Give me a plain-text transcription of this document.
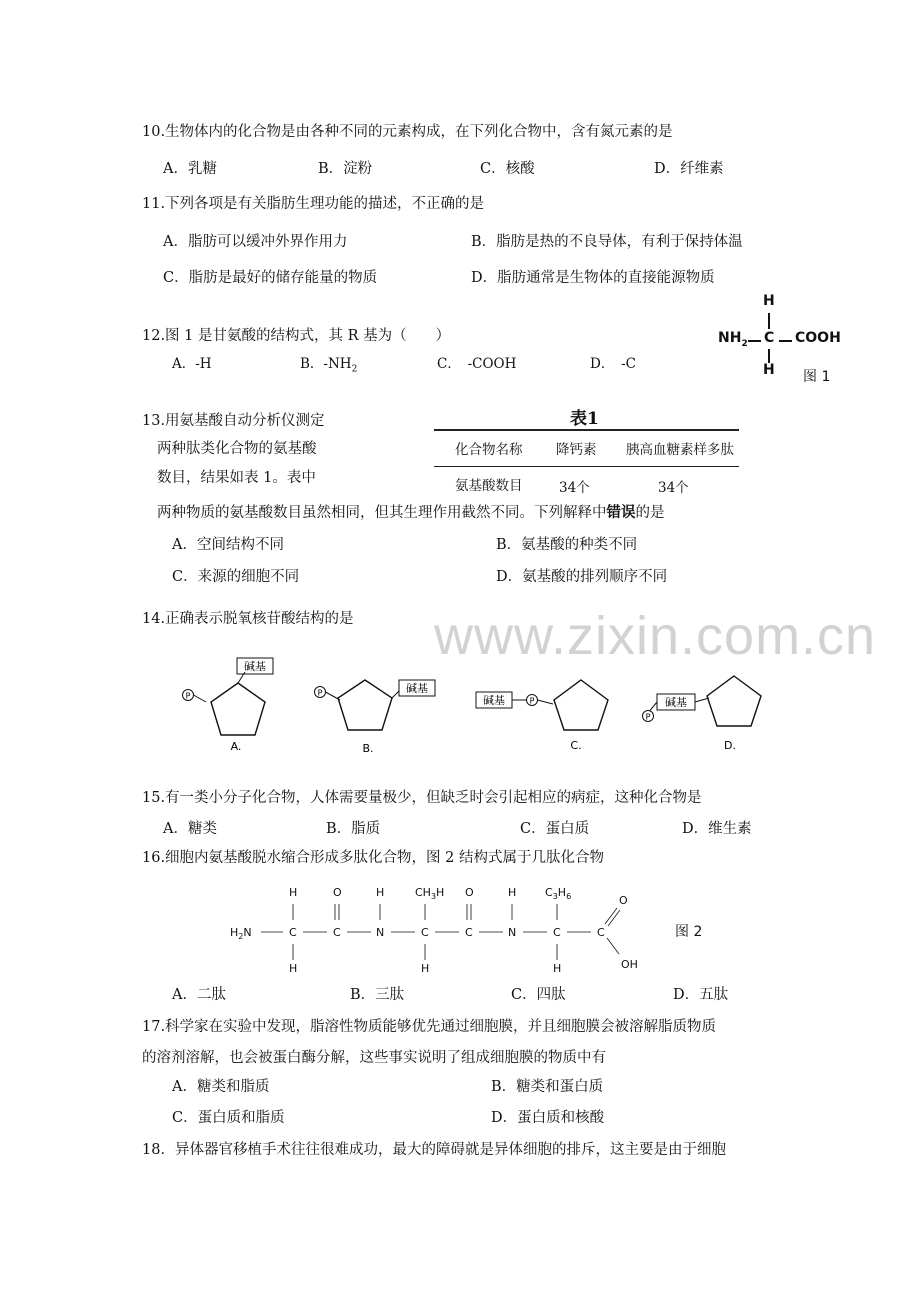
www.zixin.com.cn
10.生物体内的化合物是由各种不同的元素构成，在下列化合物中，含有氮元素的是
A．乳糖	B．淀粉	C．核酸	D．纤维素
11.下列各项是有关脂肪生理功能的描述，不正确的是
A．脂肪可以缓冲外界作用力	B．脂肪是热的不良导体，有利于保持体温
C．脂肪是最好的储存能量的物质	D．脂肪通常是生物体的直接能源物质
12.图 1 是甘氨酸的结构式，其 R 基为（　　）
A．-H	B．$-NH_2$	C．　-COOH	D．　-C
H
$NH_2$ C COOH
H 图 1
13.用氨基酸自动分析仪测定
两种肽类化合物的氨基酸
数目，结果如表 1。表中
两种物质的氨基酸数目虽然相同，但其生理作用截然不同。下列解释中错误的是
A．空间结构不同	B．氨基酸的种类不同
C．来源的细胞不同	D．氨基酸的排列顺序不同
表1
化合物名称 降钙素 胰高血糖素样多肽
氨基酸数目	34个	34个
14.正确表示脱氧核苷酸结构的是
P
碱基
A.
P	碱基
B.
碱基	P
C.
P
碱基
D.
15.有一类小分子化合物，人体需要量极少，但缺乏时会引起相应的病症，这种化合物是
A．糖类	B．脂质	C．蛋白质	D．维生素
16.细胞内氨基酸脱水缩合形成多肽化合物，图 2 结构式属于几肽化合物
$H_2N$	C	C	N	C	C	N	C	C
H	O	H	$CH_3H$ O	H	$C_3H_6$
H	H	H
O
OH
图 2
A．二肽	B．三肽	C．四肽	D．五肽
17.科学家在实验中发现，脂溶性物质能够优先通过细胞膜，并且细胞膜会被溶解脂质物质
的溶剂溶解，也会被蛋白酶分解，这些事实说明了组成细胞膜的物质中有
A．糖类和脂质	B．糖类和蛋白质
C．蛋白质和脂质	D．蛋白质和核酸
18．异体器官移植手术往往很难成功，最大的障碍就是异体细胞的排斥，这主要是由于细胞
